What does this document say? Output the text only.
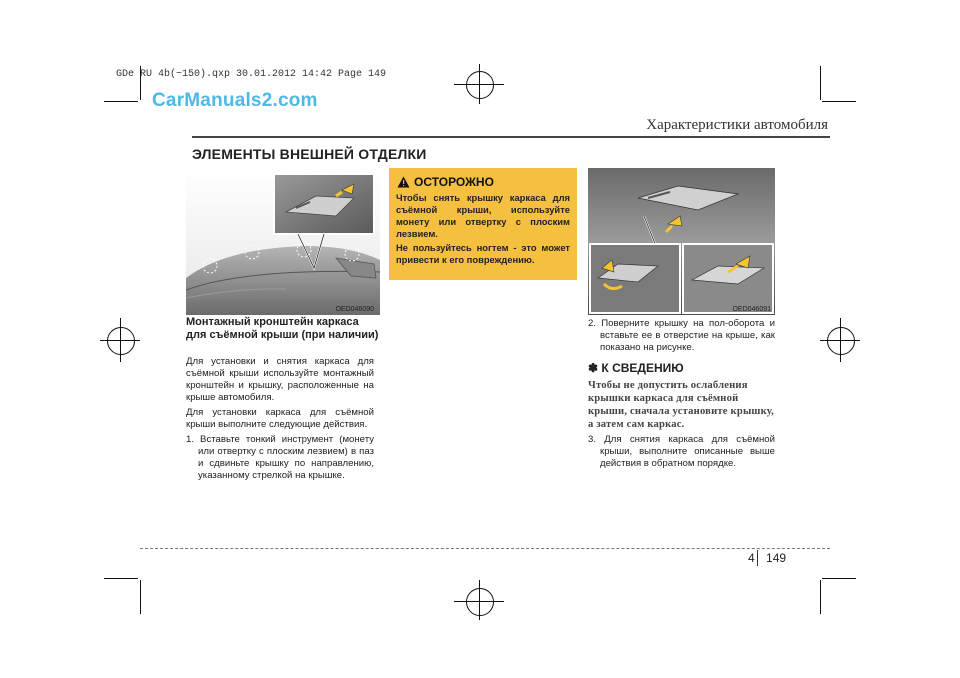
GDe RU 4b(~150).qxp 30.01.2012 14:42 Page 149
CarManuals2.com
Характеристики автомобиля
ЭЛЕМЕНТЫ ВНЕШНЕЙ ОТДЕЛКИ
OED046090
Монтажный кронштейн каркаса для съёмной крыши (при наличии)

Для установки и снятия каркаса для съёмной крыши используйте монтажный кронштейн и крышку, расположенные на крыше автомобиля.

Для установки каркаса для съёмной крыши выполните следующие действия.

1. Вставьте тонкий инструмент (монету или отвертку с плоским лезвием) в паз и сдвиньте крышку по направлению, указанному стрелкой на крышке.

ОСТОРОЖНО
Чтобы снять крышку каркаса для съёмной крыши, используйте монету или отвертку с плоским лезвием.
Не пользуйтесь ногтем - это может привести к его повреждению.
OED046091

2. Поверните крышку на пол-оборота и вставьте ее в отверстие на крыше, как показано на рисунке.

✽ К СВЕДЕНИЮ
Чтобы не допустить ослабления крышки каркаса для съёмной крыши, сначала установите крышку, а затем сам каркас.

3. Для снятия каркаса для съёмной крыши, выполните описанные выше действия в обратном порядке.

4 149
